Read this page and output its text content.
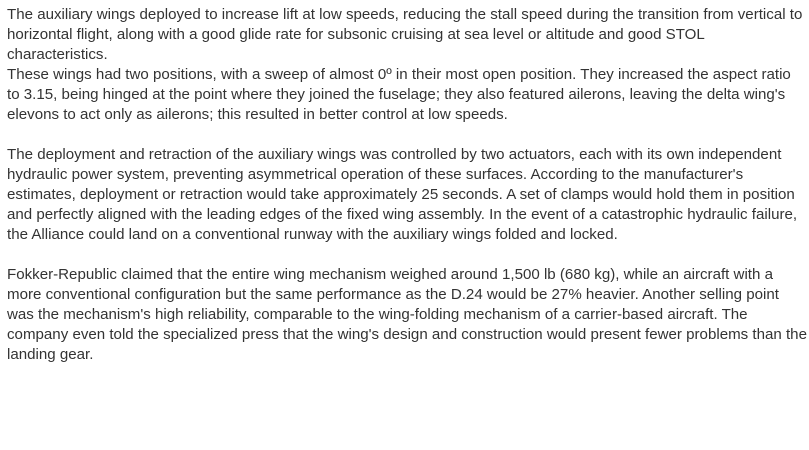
The auxiliary wings deployed to increase lift at low speeds, reducing the stall speed during the transition from vertical to horizontal flight, along with a good glide rate for subsonic cruising at sea level or altitude and good STOL characteristics.

These wings had two positions, with a sweep of almost 0º in their most open position. They increased the aspect ratio to 3.15, being hinged at the point where they joined the fuselage; they also featured ailerons, leaving the delta wing's elevons to act only as ailerons; this resulted in better control at low speeds.

The deployment and retraction of the auxiliary wings was controlled by two actuators, each with its own independent hydraulic power system, preventing asymmetrical operation of these surfaces. According to the manufacturer's estimates, deployment or retraction would take approximately 25 seconds. A set of clamps would hold them in position and perfectly aligned with the leading edges of the fixed wing assembly. In the event of a catastrophic hydraulic failure, the Alliance could land on a conventional runway with the auxiliary wings folded and locked.

Fokker-Republic claimed that the entire wing mechanism weighed around 1,500 lb (680 kg), while an aircraft with a more conventional configuration but the same performance as the D.24 would be 27% heavier. Another selling point was the mechanism's high reliability, comparable to the wing-folding mechanism of a carrier-based aircraft. The company even told the specialized press that the wing's design and construction would present fewer problems than the landing gear.
